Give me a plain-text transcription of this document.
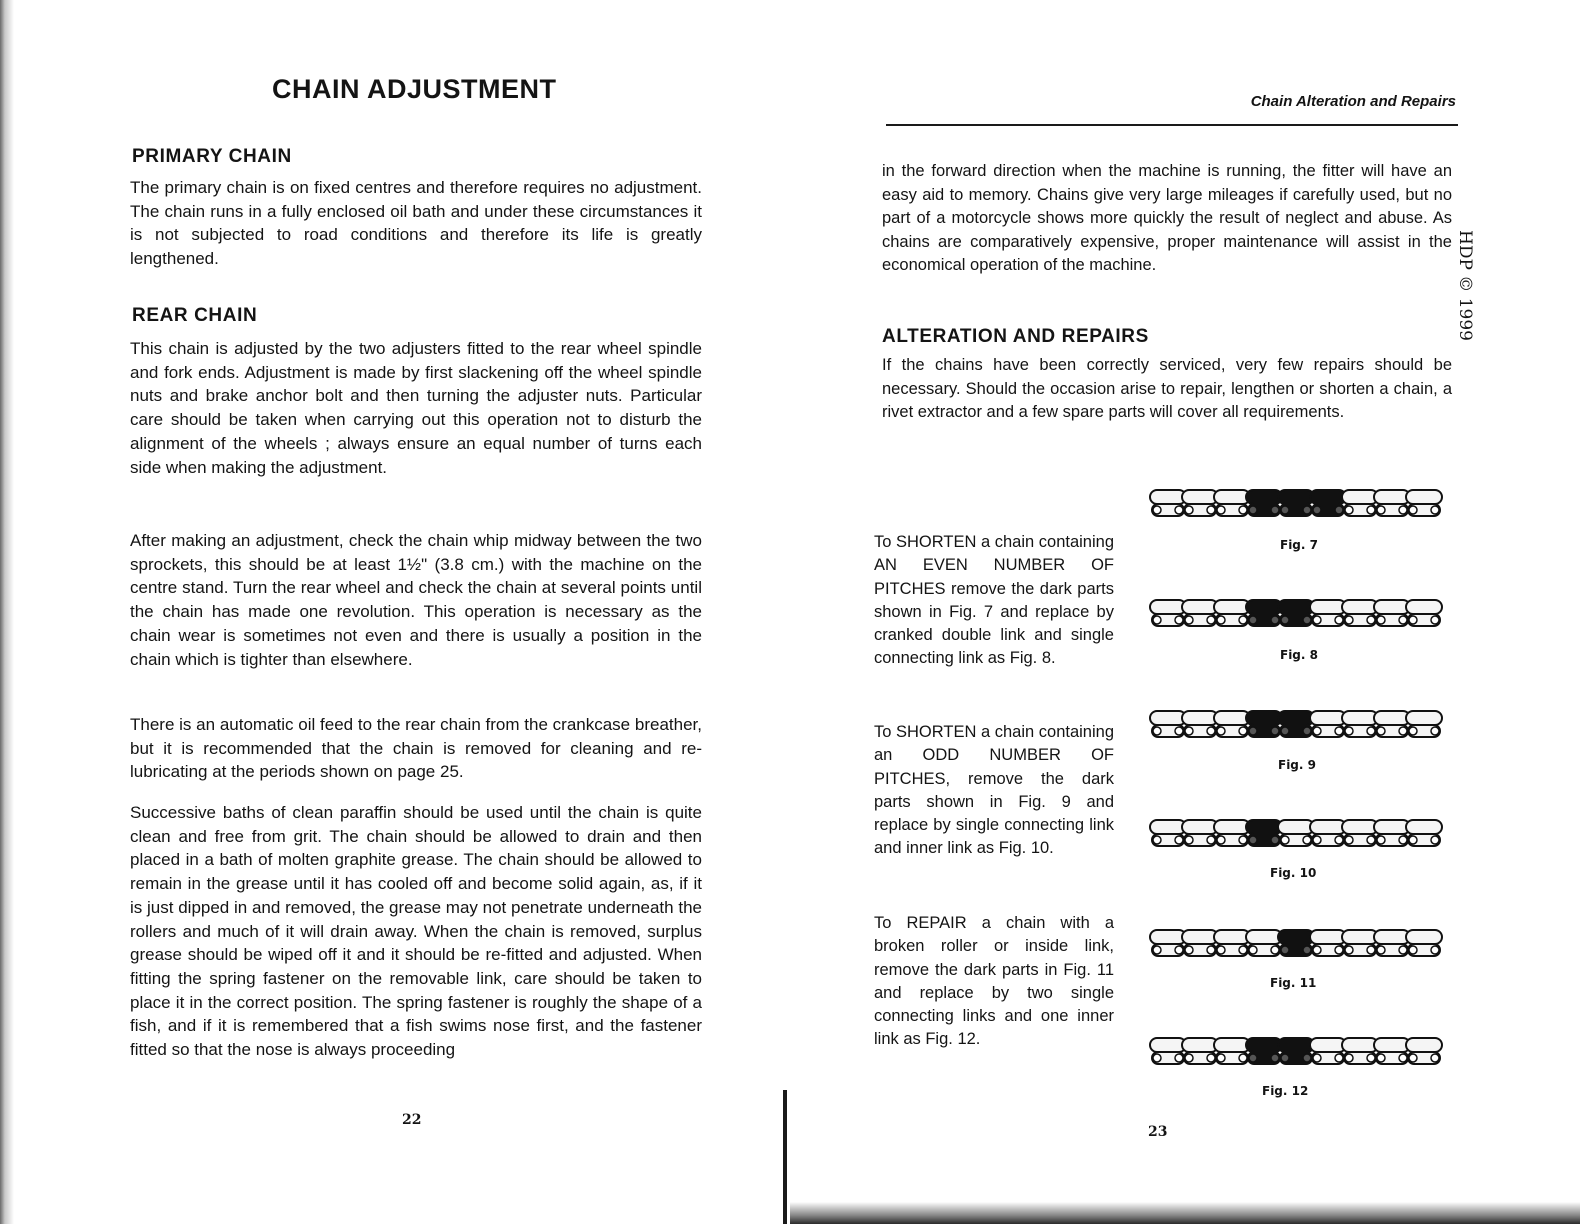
CHAIN ADJUSTMENT
PRIMARY CHAIN

The primary chain is on fixed centres and therefore requires no adjustment. The chain runs in a fully enclosed oil bath and under these circumstances it is not subjected to road conditions and therefore its life is greatly lengthened.

REAR CHAIN

This chain is adjusted by the two adjusters fitted to the rear wheel spindle and fork ends. Adjustment is made by first slackening off the wheel spindle nuts and brake anchor bolt and then turning the adjuster nuts. Particular care should be taken when carrying out this operation not to disturb the alignment of the wheels ; always ensure an equal number of turns each side when making the adjustment.

After making an adjustment, check the chain whip midway between the two sprockets, this should be at least 1½" (3.8 cm.) with the machine on the centre stand. Turn the rear wheel and check the chain at several points until the chain has made one revolution. This operation is necessary as the chain wear is sometimes not even and there is usually a position in the chain which is tighter than elsewhere.

There is an automatic oil feed to the rear chain from the crankcase breather, but it is recommended that the chain is removed for cleaning and re-lubricating at the periods shown on page 25.

Successive baths of clean paraffin should be used until the chain is quite clean and free from grit. The chain should be allowed to drain and then placed in a bath of molten graphite grease. The chain should be allowed to remain in the grease until it has cooled off and become solid again, as, if it is just dipped in and removed, the grease may not penetrate underneath the rollers and much of it will drain away. When the chain is removed, surplus grease should be wiped off it and it should be re-fitted and adjusted. When fitting the spring fastener on the removable link, care should be taken to place it in the correct position. The spring fastener is roughly the shape of a fish, and if it is remembered that a fish swims nose first, and the fastener fitted so that the nose is always proceeding

22
Chain Alteration and Repairs

in the forward direction when the machine is running, the fitter will have an easy aid to memory. Chains give very large mileages if carefully used, but no part of a motorcycle shows more quickly the result of neglect and abuse. As chains are comparatively expensive, proper maintenance will assist in the economical operation of the machine.

ALTERATION AND REPAIRS

If the chains have been correctly serviced, very few repairs should be necessary. Should the occasion arise to repair, lengthen or shorten a chain, a rivet extractor and a few spare parts will cover all requirements.

To SHORTEN a chain containing AN EVEN NUMBER OF PITCHES remove the dark parts shown in Fig. 7 and replace by cranked double link and single connecting link as Fig. 8.

To SHORTEN a chain containing an ODD NUMBER OF PITCHES, remove the dark parts shown in Fig. 9 and replace by single connecting link and inner link as Fig. 10.

To REPAIR a chain with a broken roller or inside link, remove the dark parts in Fig. 11 and replace by two single connecting links and one inner link as Fig. 12.

Fig. 7
Fig. 8
Fig. 9
Fig. 10
Fig. 11
Fig. 12
23
HDP © 1999
